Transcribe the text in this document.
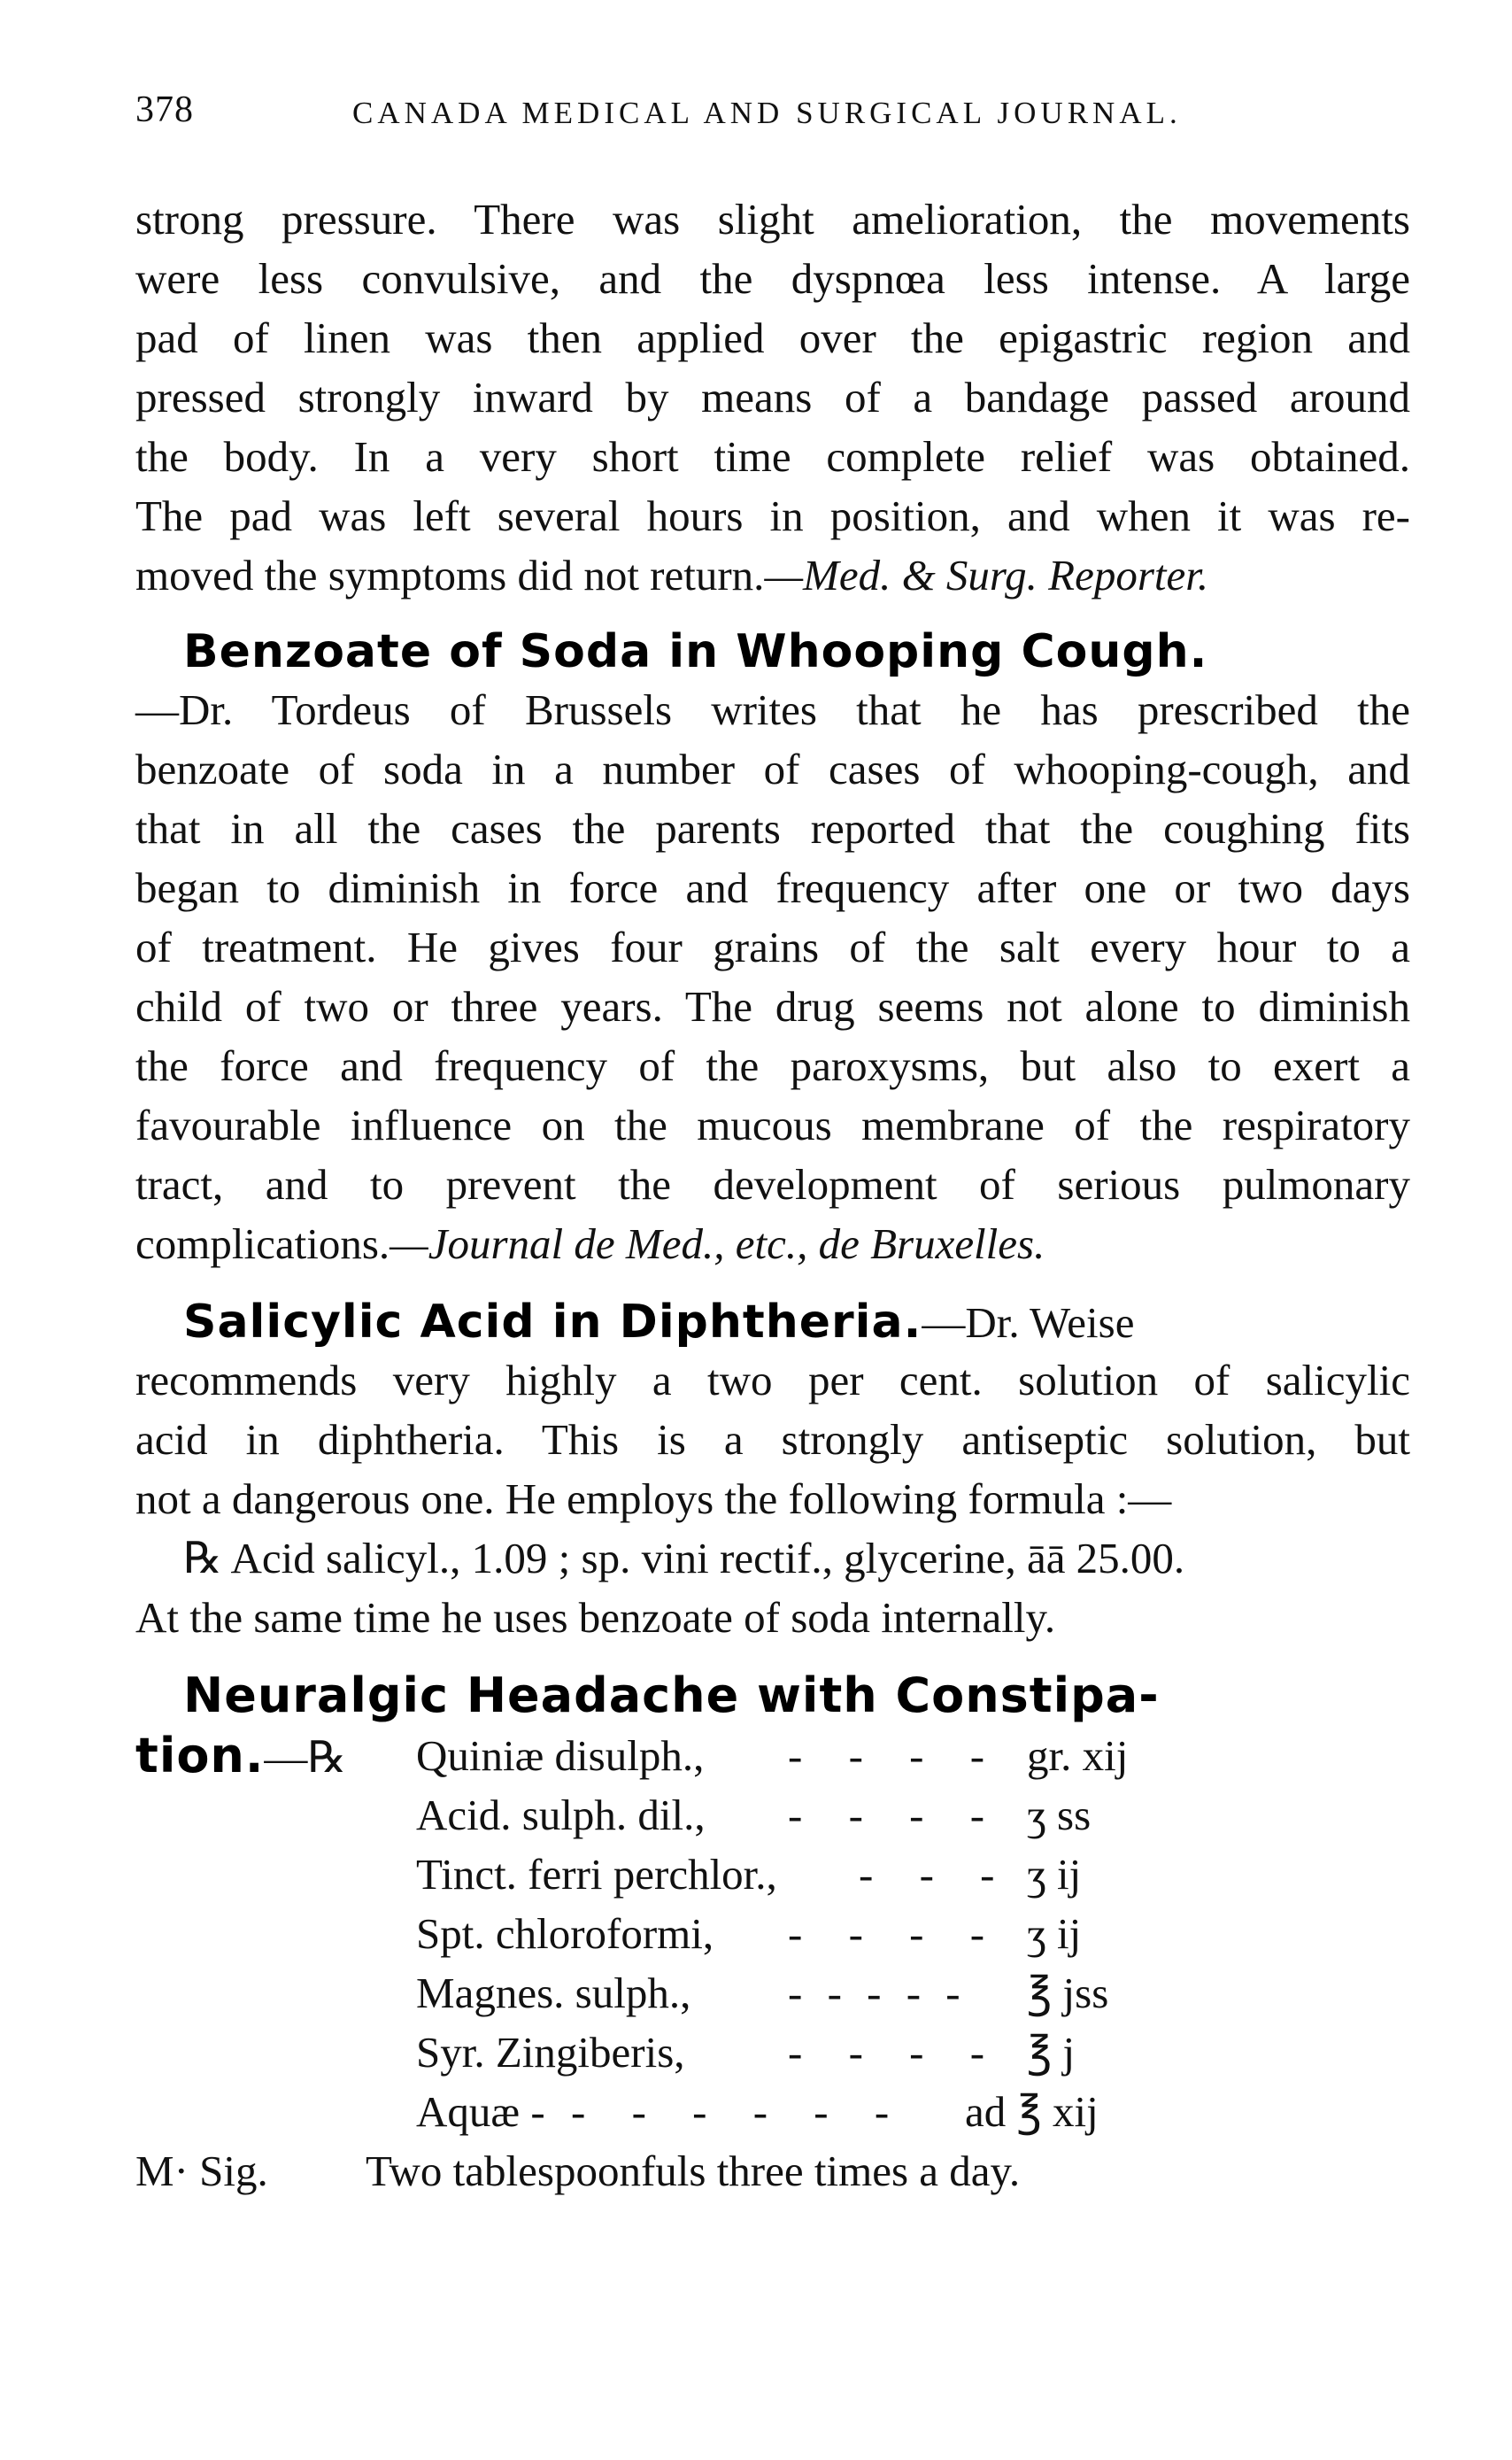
378	CANADA MEDICAL AND SURGICAL JOURNAL.
strong pressure. There was slight amelioration, the movements
were less convulsive, and the dyspnœa less intense. A large
pad of linen was then applied over the epigastric region and
pressed strongly inward by means of a bandage passed around
the body. In a very short time complete relief was obtained.
The pad was left several hours in position, and when it was re-
moved the symptoms did not return.—Med. & Surg. Reporter.
Benzoate of Soda in Whooping Cough.
—Dr. Tordeus of Brussels writes that he has prescribed the
benzoate of soda in a number of cases of whooping-cough, and
that in all the cases the parents reported that the coughing fits
began to diminish in force and frequency after one or two days
of treatment. He gives four grains of the salt every hour to a
child of two or three years. The drug seems not alone to diminish
the force and frequency of the paroxysms, but also to exert a
favourable influence on the mucous membrane of the respiratory
tract, and to prevent the development of serious pulmonary
complications.—Journal de Med., etc., de Bruxelles.
Salicylic Acid in Diphtheria.—Dr. Weise
recommends very highly a two per cent. solution of salicylic
acid in diphtheria. This is a strongly antiseptic solution, but
not a dangerous one. He employs the following formula :—
℞ Acid salicyl., 1.09 ; sp. vini rectif., glycerine, āā 25.00.
At the same time he uses benzoate of soda internally.
Neuralgic Headache with Constipa-
tion.—℞ Quiniæ disulph., - - - - gr. xij
Acid. sulph. dil., - - - - ʒ ss
Tinct. ferri perchlor., - - - ʒ ij
Spt. chloroformi, - - - - ʒ ij
Magnes. sulph., - - - - - ℥ jss
Syr. Zingiberis, - - - - ℥ j
Aquæ - - - - - - - ad ℥ xij
M· Sig. Two tablespoonfuls three times a day.
